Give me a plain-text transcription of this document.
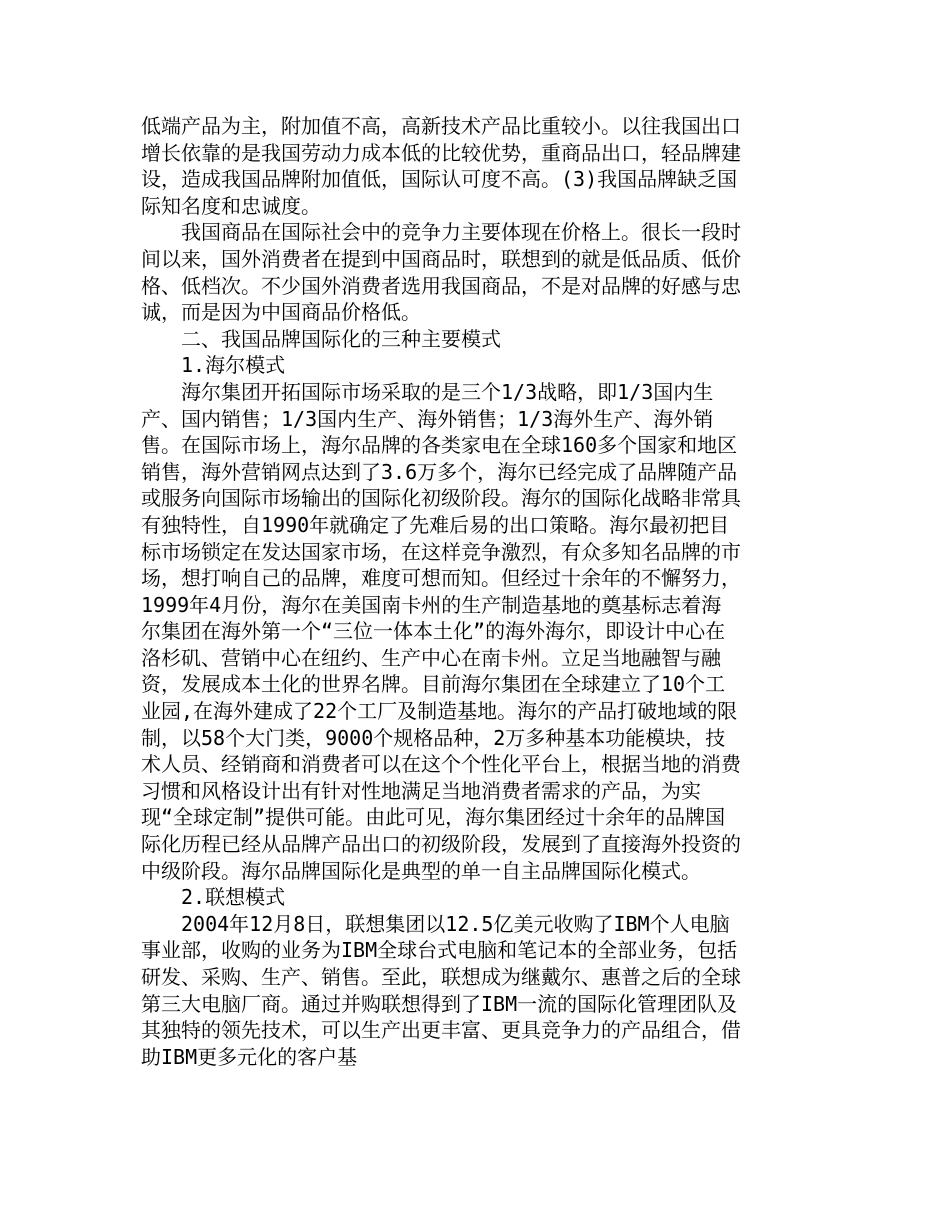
低端产品为主，附加值不高，高新技术产品比重较小。以往我国出口增长依靠的是我国劳动力成本低的比较优势，重商品出口，轻品牌建设，造成我国品牌附加值低，国际认可度不高。(3)我国品牌缺乏国际知名度和忠诚度。

我国商品在国际社会中的竞争力主要体现在价格上。很长一段时间以来，国外消费者在提到中国商品时，联想到的就是低品质、低价格、低档次。不少国外消费者选用我国商品，不是对品牌的好感与忠诚，而是因为中国商品价格低。

二、我国品牌国际化的三种主要模式

1.海尔模式

海尔集团开拓国际市场采取的是三个1/3战略，即1/3国内生产、国内销售；1/3国内生产、海外销售；1/3海外生产、海外销售。在国际市场上，海尔品牌的各类家电在全球160多个国家和地区销售，海外营销网点达到了3.6万多个，海尔已经完成了品牌随产品或服务向国际市场输出的国际化初级阶段。海尔的国际化战略非常具有独特性，自1990年就确定了先难后易的出口策略。海尔最初把目标市场锁定在发达国家市场，在这样竞争激烈，有众多知名品牌的市场，想打响自己的品牌，难度可想而知。但经过十余年的不懈努力，1999年4月份，海尔在美国南卡州的生产制造基地的奠基标志着海尔集团在海外第一个“三位一体本土化”的海外海尔，即设计中心在洛杉矶、营销中心在纽约、生产中心在南卡州。立足当地融智与融资，发展成本土化的世界名牌。目前海尔集团在全球建立了10个工业园,在海外建成了22个工厂及制造基地。海尔的产品打破地域的限制，以58个大门类，9000个规格品种，2万多种基本功能模块，技术人员、经销商和消费者可以在这个个性化平台上，根据当地的消费习惯和风格设计出有针对性地满足当地消费者需求的产品，为实现“全球定制”提供可能。由此可见，海尔集团经过十余年的品牌国际化历程已经从品牌产品出口的初级阶段，发展到了直接海外投资的中级阶段。海尔品牌国际化是典型的单一自主品牌国际化模式。

2.联想模式

2004年12月8日，联想集团以12.5亿美元收购了IBM个人电脑事业部，收购的业务为IBM全球台式电脑和笔记本的全部业务，包括研发、采购、生产、销售。至此，联想成为继戴尔、惠普之后的全球第三大电脑厂商。通过并购联想得到了IBM一流的国际化管理团队及其独特的领先技术，可以生产出更丰富、更具竞争力的产品组合，借助IBM更多元化的客户基
